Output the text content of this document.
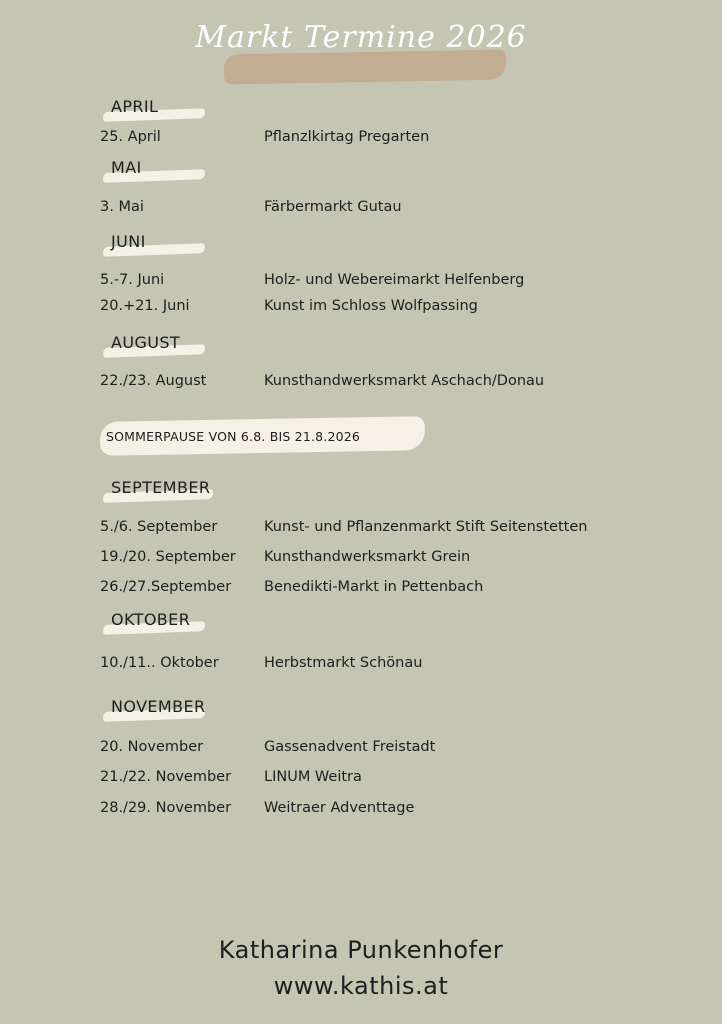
Markt Termine 2026
APRIL
25. April	Pflanzlkirtag Pregarten
MAI
3. Mai	Färbermarkt Gutau
JUNI
5.-7. Juni	Holz- und Webereimarkt Helfenberg
20.+21. Juni	Kunst im Schloss Wolfpassing
AUGUST
22./23. August	Kunsthandwerksmarkt Aschach/Donau
SOMMERPAUSE VON 6.8. BIS 21.8.2026
SEPTEMBER
5./6. September	Kunst- und Pflanzenmarkt Stift Seitenstetten
19./20. September Kunsthandwerksmarkt Grein
26./27.September Benedikti-Markt in Pettenbach
OKTOBER
10./11.. Oktober	Herbstmarkt Schönau
NOVEMBER
20. November	Gassenadvent Freistadt
21./22. November LINUM Weitra
28./29. November Weitraer Adventtage
Katharina Punkenhofer
www.kathis.at
